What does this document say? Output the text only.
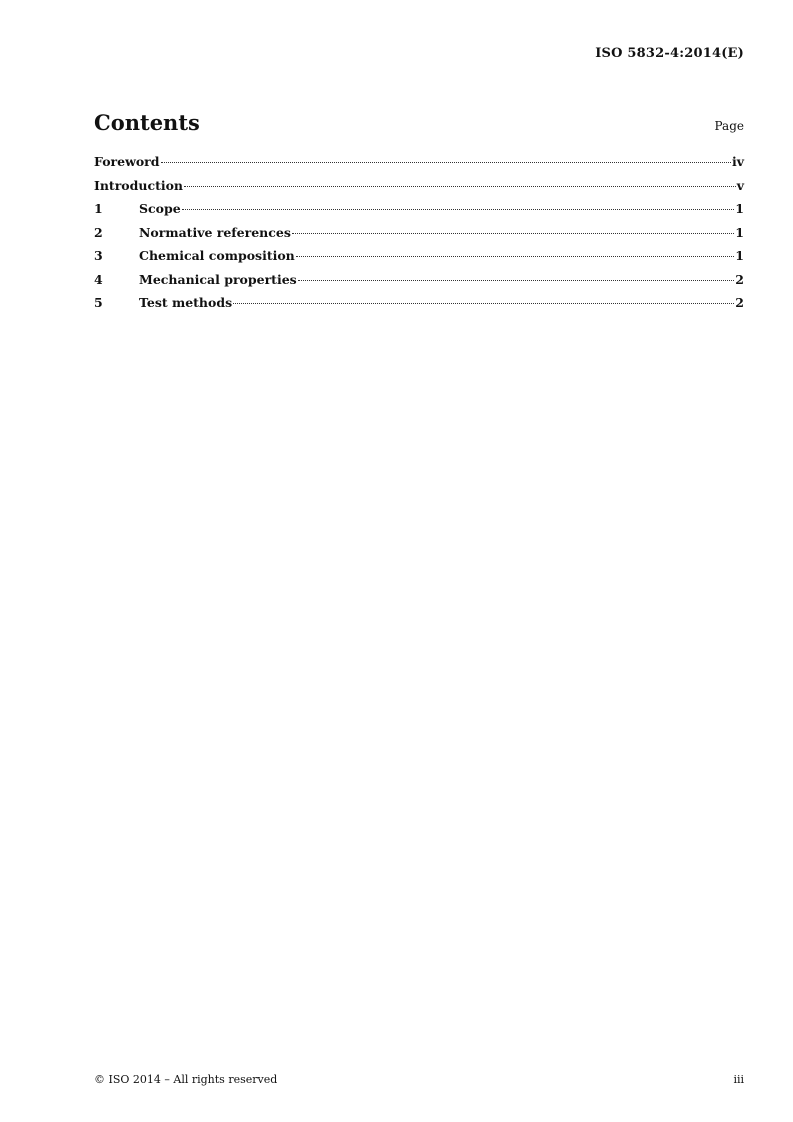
ISO 5832-4:2014(E)
Contents	Page
Foreword	iv
Introduction	v
1	Scope	1
2	Normative references	1
3	Chemical composition	1
4	Mechanical properties	2
5	Test methods	2
© ISO 2014 – All rights reserved	iii
